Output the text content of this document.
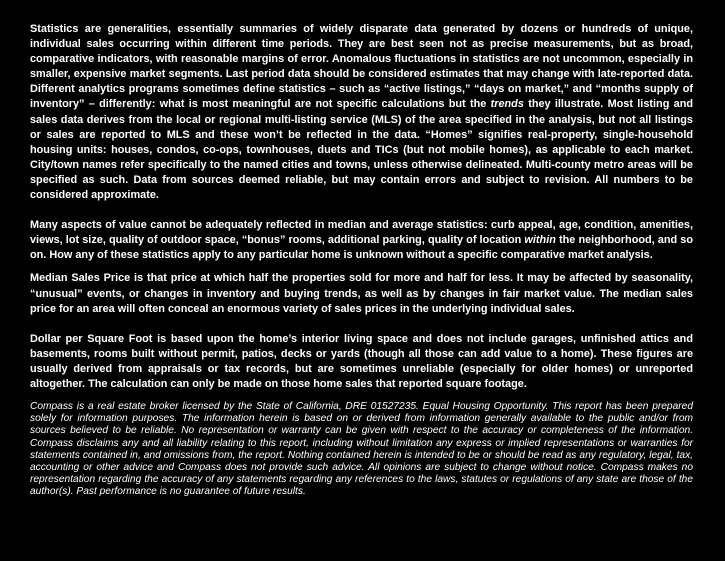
Statistics are generalities, essentially summaries of widely disparate data generated by dozens or hundreds of unique, individual sales occurring within different time periods. They are best seen not as precise measurements, but as broad, comparative indicators, with reasonable margins of error. Anomalous fluctuations in statistics are not uncommon, especially in smaller, expensive market segments. Last period data should be considered estimates that may change with late-reported data. Different analytics programs sometimes define statistics – such as “active listings,” “days on market,” and “months supply of inventory” – differently: what is most meaningful are not specific calculations but the trends they illustrate. Most listing and sales data derives from the local or regional multi-listing service (MLS) of the area specified in the analysis, but not all listings or sales are reported to MLS and these won’t be reflected in the data. “Homes” signifies real-property, single-household housing units: houses, condos, co-ops, townhouses, duets and TICs (but not mobile homes), as applicable to each market. City/town names refer specifically to the named cities and towns, unless otherwise delineated. Multi-county metro areas will be specified as such. Data from sources deemed reliable, but may contain errors and subject to revision. All numbers to be considered approximate.

Many aspects of value cannot be adequately reflected in median and average statistics: curb appeal, age, condition, amenities, views, lot size, quality of outdoor space, “bonus” rooms, additional parking, quality of location within the neighborhood, and so on. How any of these statistics apply to any particular home is unknown without a specific comparative market analysis.

Median Sales Price is that price at which half the properties sold for more and half for less. It may be affected by seasonality, “unusual” events, or changes in inventory and buying trends, as well as by changes in fair market value. The median sales price for an area will often conceal an enormous variety of sales prices in the underlying individual sales.

Dollar per Square Foot is based upon the home’s interior living space and does not include garages, unfinished attics and basements, rooms built without permit, patios, decks or yards (though all those can add value to a home). These figures are usually derived from appraisals or tax records, but are sometimes unreliable (especially for older homes) or unreported altogether. The calculation can only be made on those home sales that reported square footage.

Compass is a real estate broker licensed by the State of California, DRE 01527235. Equal Housing Opportunity. This report has been prepared solely for information purposes. The information herein is based on or derived from information generally available to the public and/or from sources believed to be reliable. No representation or warranty can be given with respect to the accuracy or completeness of the information. Compass disclaims any and all liability relating to this report, including without limitation any express or implied representations or warranties for statements contained in, and omissions from, the report. Nothing contained herein is intended to be or should be read as any regulatory, legal, tax, accounting or other advice and Compass does not provide such advice. All opinions are subject to change without notice. Compass makes no representation regarding the accuracy of any statements regarding any references to the laws, statutes or regulations of any state are those of the author(s). Past performance is no guarantee of future results.
